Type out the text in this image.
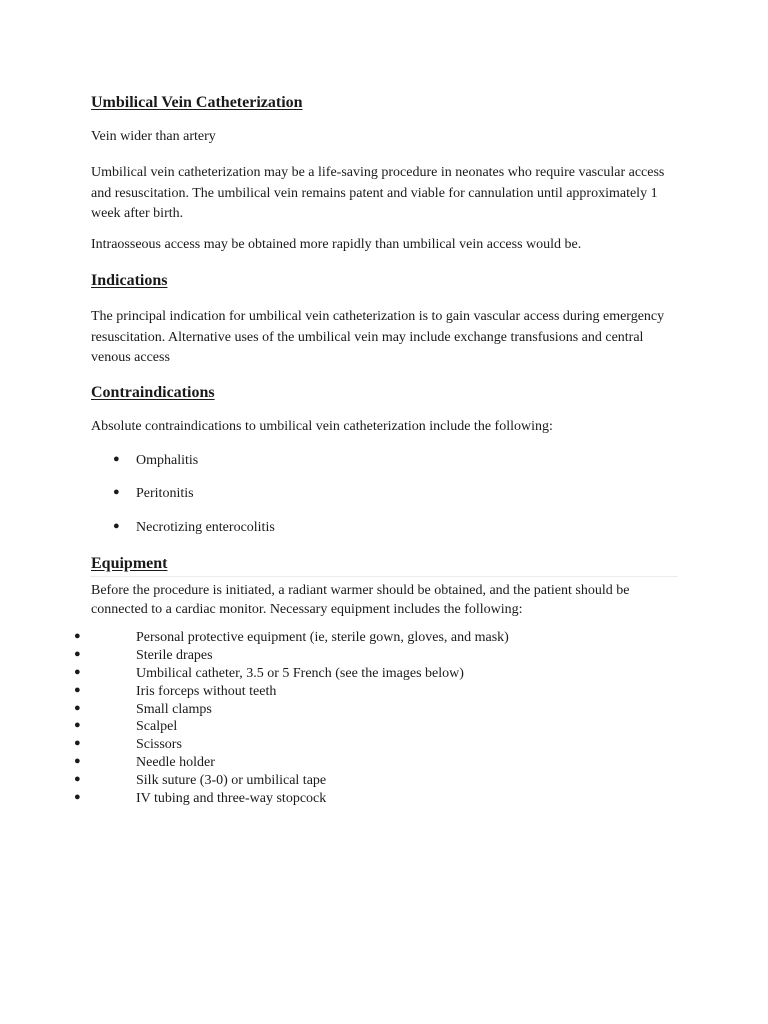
Umbilical Vein Catheterization
Vein wider than artery
Umbilical vein catheterization may be a life-saving procedure in neonates who require vascular access and resuscitation. The umbilical vein remains patent and viable for cannulation until approximately 1 week after birth.
Intraosseous access may be obtained more rapidly than umbilical vein access would be.
Indications
The principal indication for umbilical vein catheterization is to gain vascular access during emergency resuscitation. Alternative uses of the umbilical vein may include exchange transfusions and central venous access
Contraindications
Absolute contraindications to umbilical vein catheterization include the following:
● Omphalitis
● Peritonitis
● Necrotizing enterocolitis
Equipment
Before the procedure is initiated, a radiant warmer should be obtained, and the patient should be connected to a cardiac monitor. Necessary equipment includes the following:
●	Personal protective equipment (ie, sterile gown, gloves, and mask)
●	Sterile drapes
●	Umbilical catheter, 3.5 or 5 French (see the images below)
●	Iris forceps without teeth
●	Small clamps
●	Scalpel
●	Scissors
●	Needle holder
●	Silk suture (3-0) or umbilical tape
●	IV tubing and three-way stopcock
